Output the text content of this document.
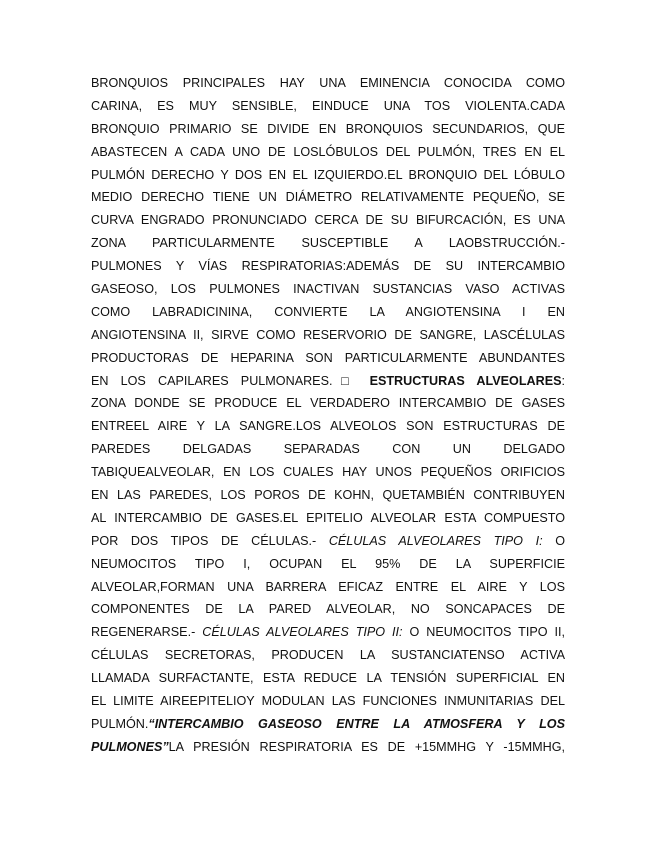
BRONQUIOS PRINCIPALES HAY UNA EMINENCIA CONOCIDA COMO
CARINA, ES MUY SENSIBLE, EINDUCE UNA TOS VIOLENTA.CADA
BRONQUIO PRIMARIO SE DIVIDE EN BRONQUIOS SECUNDARIOS, QUE
ABASTECEN A CADA UNO DE LOSLÓBULOS DEL PULMÓN, TRES EN EL
PULMÓN DERECHO Y DOS EN EL IZQUIERDO.EL BRONQUIO DEL LÓBULO
MEDIO DERECHO TIENE UN DIÁMETRO RELATIVAMENTE PEQUEÑO, SE
CURVA ENGRADO PRONUNCIADO CERCA DE SU BIFURCACIÓN, ES UNA
ZONA PARTICULARMENTE SUSCEPTIBLE A LAOBSTRUCCIÓN.-
PULMONES Y VÍAS RESPIRATORIAS:ADEMÁS DE SU INTERCAMBIO
GASEOSO, LOS PULMONES INACTIVAN SUSTANCIAS VASO ACTIVAS
COMO LABRADICININA, CONVIERTE LA ANGIOTENSINA I EN
ANGIOTENSINA II, SIRVE COMO RESERVORIO DE SANGRE, LASCÉLULAS
PRODUCTORAS DE HEPARINA SON PARTICULARMENTE ABUNDANTES
EN LOS CAPILARES PULMONARES.□ ESTRUCTURAS ALVEOLARES:
ZONA DONDE SE PRODUCE EL VERDADERO INTERCAMBIO DE GASES
ENTREEL AIRE Y LA SANGRE.LOS ALVEOLOS SON ESTRUCTURAS DE
PAREDES DELGADAS SEPARADAS CON UN DELGADO
TABIQUEALVEOLAR, EN LOS CUALES HAY UNOS PEQUEÑOS ORIFICIOS
EN LAS PAREDES, LOS POROS DE KOHN, QUETAMBIÉN CONTRIBUYEN
AL INTERCAMBIO DE GASES.EL EPITELIO ALVEOLAR ESTA COMPUESTO
POR DOS TIPOS DE CÉLULAS.- CÉLULAS ALVEOLARES TIPO I: O
NEUMOCITOS TIPO I, OCUPAN EL 95% DE LA SUPERFICIE
ALVEOLAR,FORMAN UNA BARRERA EFICAZ ENTRE EL AIRE Y LOS
COMPONENTES DE LA PARED ALVEOLAR, NO SONCAPACES DE
REGENERARSE.- CÉLULAS ALVEOLARES TIPO II: O NEUMOCITOS TIPO II,
CÉLULAS SECRETORAS, PRODUCEN LA SUSTANCIATENSO ACTIVA
LLAMADA SURFACTANTE, ESTA REDUCE LA TENSIÓN SUPERFICIAL EN
EL LIMITE AIREEPITELIOY MODULAN LAS FUNCIONES INMUNITARIAS DEL
PULMÓN.“INTERCAMBIO GASEOSO ENTRE LA ATMOSFERA Y LOS
PULMONES”LA PRESIÓN RESPIRATORIA ES DE +15MMHG Y -15MMHG,
